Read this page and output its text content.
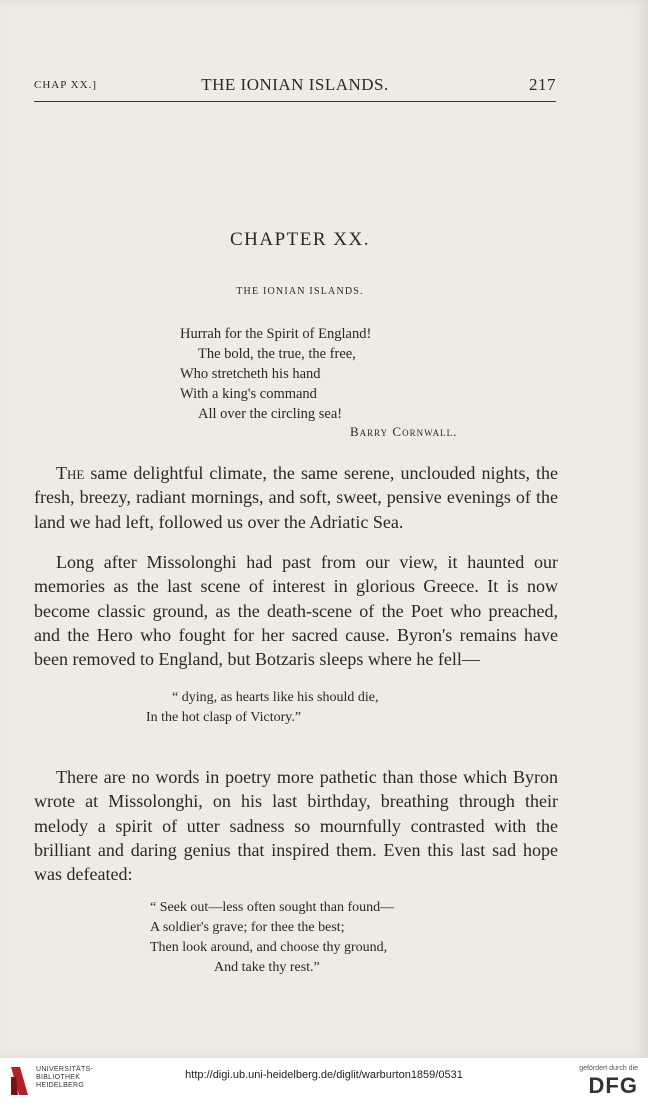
CHAP XX.]	THE IONIAN ISLANDS.	217
CHAPTER XX.
THE IONIAN ISLANDS.
Hurrah for the Spirit of England!
The bold, the true, the free,
Who stretcheth his hand
With a king's command
All over the circling sea!
Barry Cornwall.
The same delightful climate, the same serene, unclouded nights, the fresh, breezy, radiant mornings, and soft, sweet, pensive evenings of the land we had left, followed us over the Adriatic Sea.
Long after Missolonghi had past from our view, it haunted our memories as the last scene of interest in glorious Greece. It is now become classic ground, as the death-scene of the Poet who preached, and the Hero who fought for her sacred cause. Byron's remains have been removed to England, but Botzaris sleeps where he fell—
“ dying, as hearts like his should die,
In the hot clasp of Victory.”
There are no words in poetry more pathetic than those which Byron wrote at Missolonghi, on his last birthday, breathing through their melody a spirit of utter sadness so mournfully contrasted with the brilliant and daring genius that inspired them. Even this last sad hope was defeated:
“ Seek out—less often sought than found—
A soldier's grave; for thee the best;
Then look around, and choose thy ground,
And take thy rest.”
UNIVERSITÄTS-
BIBLIOTHEK
HEIDELBERG
http://digi.ub.uni-heidelberg.de/diglit/warburton1859/0531
gefördert durch die
DFG
